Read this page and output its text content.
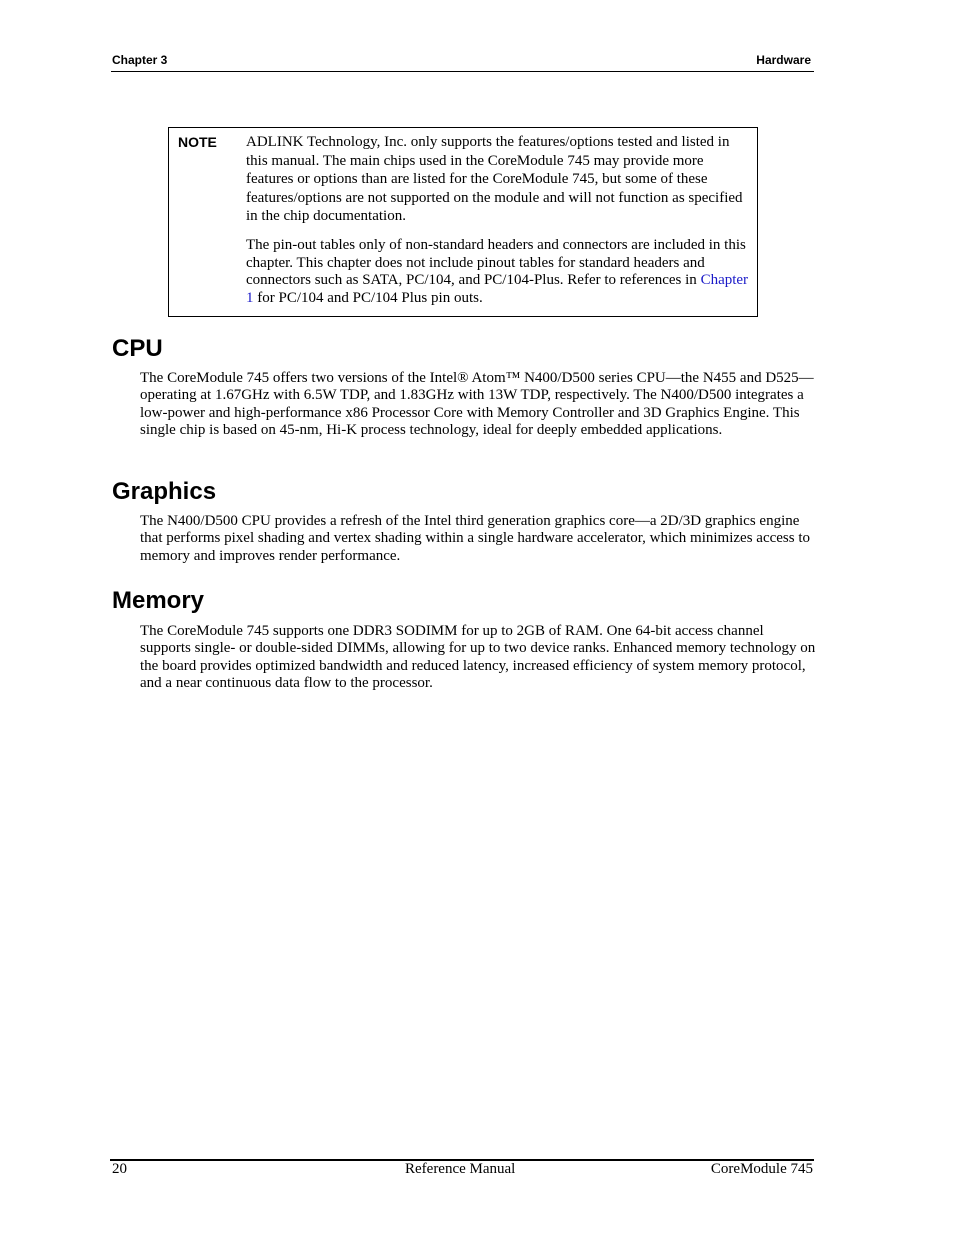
Chapter 3	Hardware
NOTE ADLINK Technology, Inc. only supports the features/options tested and listed in this manual. The main chips used in the CoreModule 745 may provide more features or options than are listed for the CoreModule 745, but some of these features/options are not supported on the module and will not function as specified in the chip documentation.

The pin-out tables only of non-standard headers and connectors are included in this chapter. This chapter does not include pinout tables for standard headers and connectors such as SATA, PC/104, and PC/104-Plus. Refer to references in Chapter 1 for PC/104 and PC/104 Plus pin outs.

CPU

The CoreModule 745 offers two versions of the Intel® Atom™ N400/D500 series CPU—the N455 and D525—operating at 1.67GHz with 6.5W TDP, and 1.83GHz with 13W TDP, respectively. The N400/D500 integrates a low-power and high-performance x86 Processor Core with Memory Controller and 3D Graphics Engine. This single chip is based on 45-nm, Hi-K process technology, ideal for deeply embedded applications.

Graphics

The N400/D500 CPU provides a refresh of the Intel third generation graphics core—a 2D/3D graphics engine that performs pixel shading and vertex shading within a single hardware accelerator, which minimizes access to memory and improves render performance.

Memory

The CoreModule 745 supports one DDR3 SODIMM for up to 2GB of RAM. One 64-bit access channel supports single- or double-sided DIMMs, allowing for up to two device ranks. Enhanced memory technology on the board provides optimized bandwidth and reduced latency, increased efficiency of system memory protocol, and a near continuous data flow to the processor.

20	Reference Manual	CoreModule 745
